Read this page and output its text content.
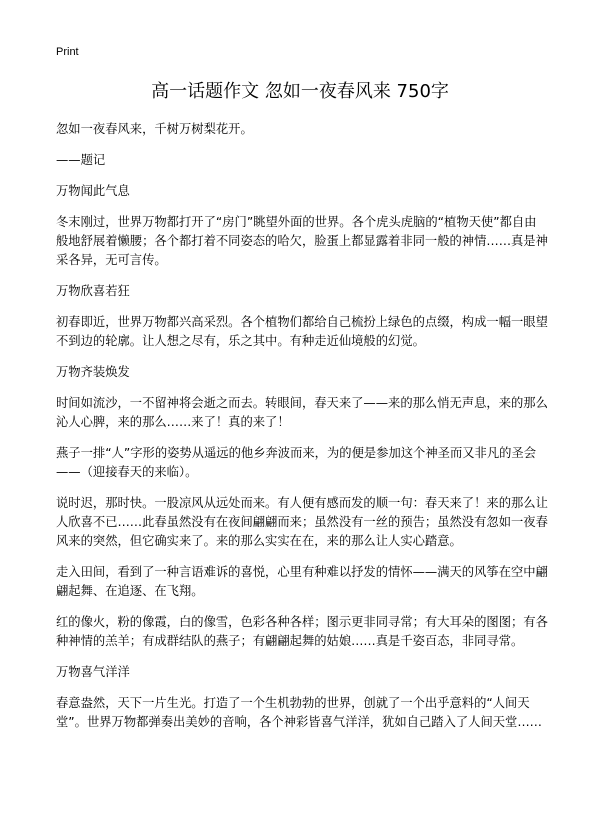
Print
高一话题作文 忽如一夜春风来 750字

忽如一夜春风来，千树万树梨花开。

——题记

万物闻此气息

冬末刚过，世界万物都打开了“房门”眺望外面的世界。各个虎头虎脑的“植物天使”都自由般地舒展着懒腰；各个都打着不同姿态的哈欠，脸蛋上都显露着非同一般的神情……真是神采各异，无可言传。

万物欣喜若狂

初春即近，世界万物都兴高采烈。各个植物们都给自己梳扮上绿色的点缀，构成一幅一眼望不到边的轮廓。让人想之尽有，乐之其中。有种走近仙境般的幻觉。

万物齐装焕发

时间如流沙，一不留神将会逝之而去。转眼间，春天来了——来的那么悄无声息，来的那么沁人心脾，来的那么……来了！真的来了！

燕子一排“人”字形的姿势从遥远的他乡奔波而来，为的便是参加这个神圣而又非凡的圣会——（迎接春天的来临）。

说时迟，那时快。一股凉风从远处而来。有人便有感而发的顺一句：春天来了！来的那么让人欣喜不已……此春虽然没有在夜间翩翩而来；虽然没有一丝的预告；虽然没有忽如一夜春风来的突然，但它确实来了。来的那么实实在在，来的那么让人实心踏意。

走入田间，看到了一种言语难诉的喜悦，心里有种难以抒发的情怀——满天的风筝在空中翩翩起舞、在追逐、在飞翔。

红的像火，粉的像霞，白的像雪，色彩各种各样；图示更非同寻常；有大耳朵的图图；有各种神情的羔羊；有成群结队的燕子；有翩翩起舞的姑娘……真是千姿百态，非同寻常。

万物喜气洋洋

春意盎然，天下一片生光。打造了一个生机勃勃的世界，创就了一个出乎意料的“人间天堂”。世界万物都弹奏出美妙的音响，各个神彩皆喜气洋洋，犹如自己踏入了人间天堂……
